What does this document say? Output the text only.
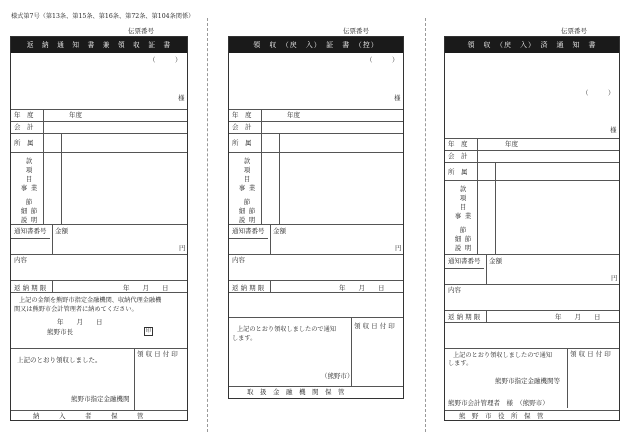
様式第7号（第13条、第15条、第16条、第72条、第104条関係）
伝票番号
返　納　通　知　書　兼　領　収　証　書
（　　　）
様
年　度	年度
会　計
所　属
款
項
目
事 業
節
細 節
説 明
通知書番号 金額
円
内容
返 納 期 限	年　　月　　日
上記の金額を熊野市指定金融機関、収納代理金融機
関又は熊野市会計管理者に納めてください。
年　　月　　日
熊野市長	印
領 収 日 付 印
上記のとおり領収しました。
熊野市指定金融機関
納　　　入　　　者　　　保　　　管
伝票番号
領　収　（戻　入）　証　書　（控）
（　　　）
様
年　度	年度
会　計
所　属
款
項
目
事 業
節
細 節
説 明
通知書番号 金額
円
内容
返 納 期 限	年　　月　　日
領 収 日 付 印
上記のとおり領収しましたので通知
します。
（熊野市）
取　扱　金　融　機　関　保　管
伝票番号
領　収　（戻　入）　済　通　知　書
（　　　）
様
年　度	年度
会　計
所　属
款
項
目
事 業
節
細 節
説 明
通知書番号 金額
円
内容
返 納 期 限	年　　月　　日
領 収 日 付 印
上記のとおり領収しましたので通知
します。
熊野市指定金融機関等
熊野市会計管理者　様　（熊野市）
熊　野　市　役　所　保　管
